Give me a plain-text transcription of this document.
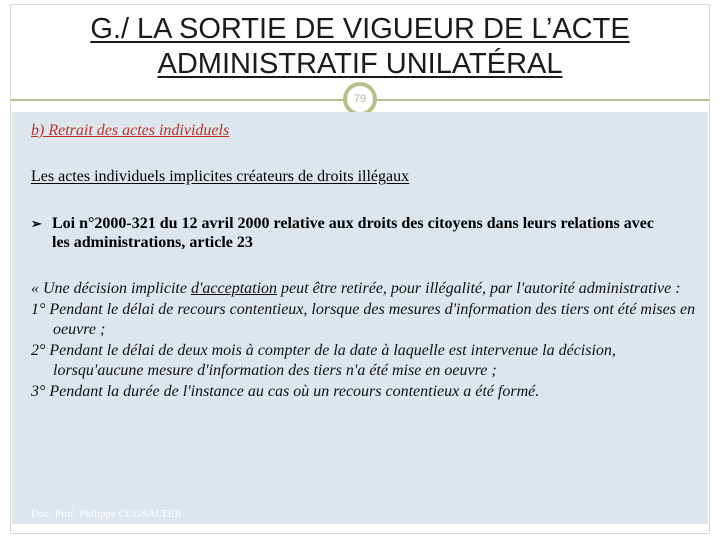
G./ LA SORTIE DE VIGUEUR DE L’ACTE
ADMINISTRATIF UNILATÉRAL
79
b) Retrait des actes individuels
Les actes individuels implicites créateurs de droits illégaux
➢ Loi n°2000-321 du 12 avril 2000 relative aux droits des citoyens dans leurs relations avec les administrations, article 23

« Une décision implicite d'acceptation peut être retirée, pour illégalité, par l'autorité administrative :

1° Pendant le délai de recours contentieux, lorsque des mesures d'information des tiers ont été mises en oeuvre ;

2° Pendant le délai de deux mois à compter de la date à laquelle est intervenue la décision, lorsqu'aucune mesure d'information des tiers n'a été mise en oeuvre ;

3° Pendant la durée de l'instance au cas où un recours contentieux a été formé.

Doc. Prof. Philippe CCGSALTER
